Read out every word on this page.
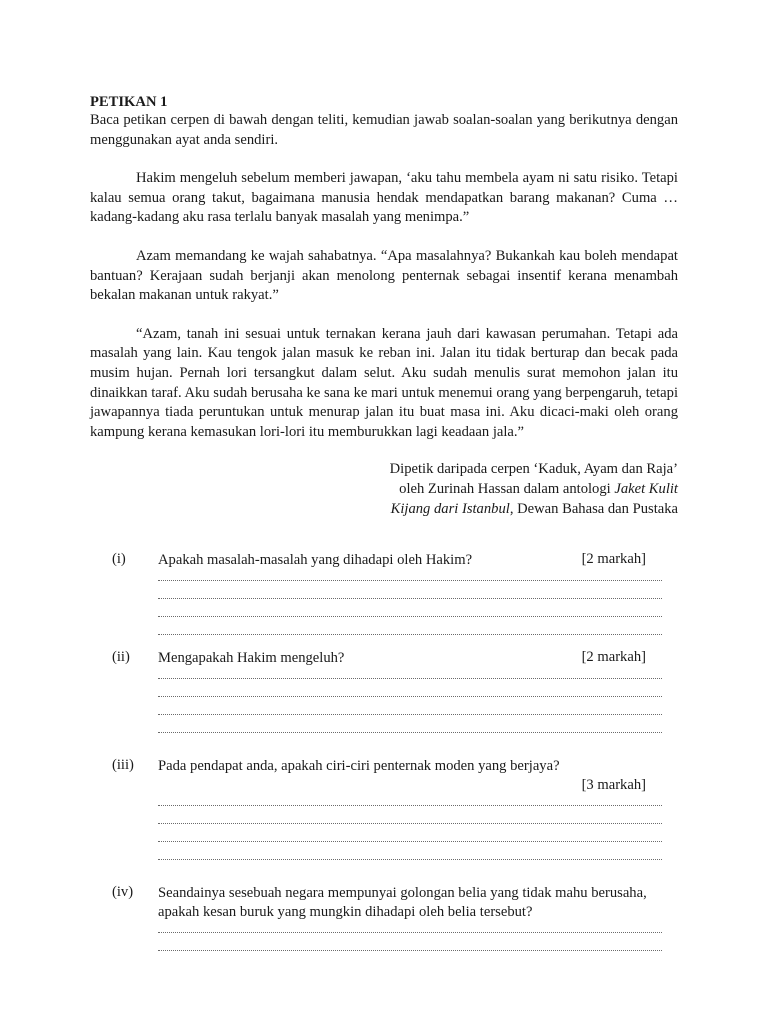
PETIKAN 1

Baca petikan cerpen di bawah dengan teliti, kemudian jawab soalan-soalan yang berikutnya dengan menggunakan ayat anda sendiri.

Hakim mengeluh sebelum memberi jawapan, ‘aku tahu membela ayam ni satu risiko. Tetapi kalau semua orang takut, bagaimana manusia hendak mendapatkan barang makanan? Cuma … kadang-kadang aku rasa terlalu banyak masalah yang menimpa.”

Azam memandang ke wajah sahabatnya. “Apa masalahnya? Bukankah kau boleh mendapat bantuan? Kerajaan sudah berjanji akan menolong penternak sebagai insentif kerana menambah bekalan makanan untuk rakyat.”

“Azam, tanah ini sesuai untuk ternakan kerana jauh dari kawasan perumahan. Tetapi ada masalah yang lain. Kau tengok jalan masuk ke reban ini. Jalan itu tidak berturap dan becak pada musim hujan. Pernah lori tersangkut dalam selut. Aku sudah menulis surat memohon jalan itu dinaikkan taraf. Aku sudah berusaha ke sana ke mari untuk menemui orang yang berpengaruh, tetapi jawapannya tiada peruntukan untuk menurap jalan itu buat masa ini. Aku dicaci-maki oleh orang kampung kerana kemasukan lori-lori itu memburukkan lagi keadaan jala.”

Dipetik daripada cerpen ‘Kaduk, Ayam dan Raja’
oleh Zurinah Hassan dalam antologi Jaket Kulit
Kijang dari Istanbul, Dewan Bahasa dan Pustaka
(i) Apakah masalah-masalah yang dihadapi oleh Hakim?	[2 markah]
(ii) Mengapakah Hakim mengeluh?	[2 markah]
(iii) Pada pendapat anda, apakah ciri-ciri penternak moden yang berjaya?
[3 markah]
(iv) Seandainya sesebuah negara mempunyai golongan belia yang tidak mahu berusaha, apakah kesan buruk yang mungkin dihadapi oleh belia tersebut?
